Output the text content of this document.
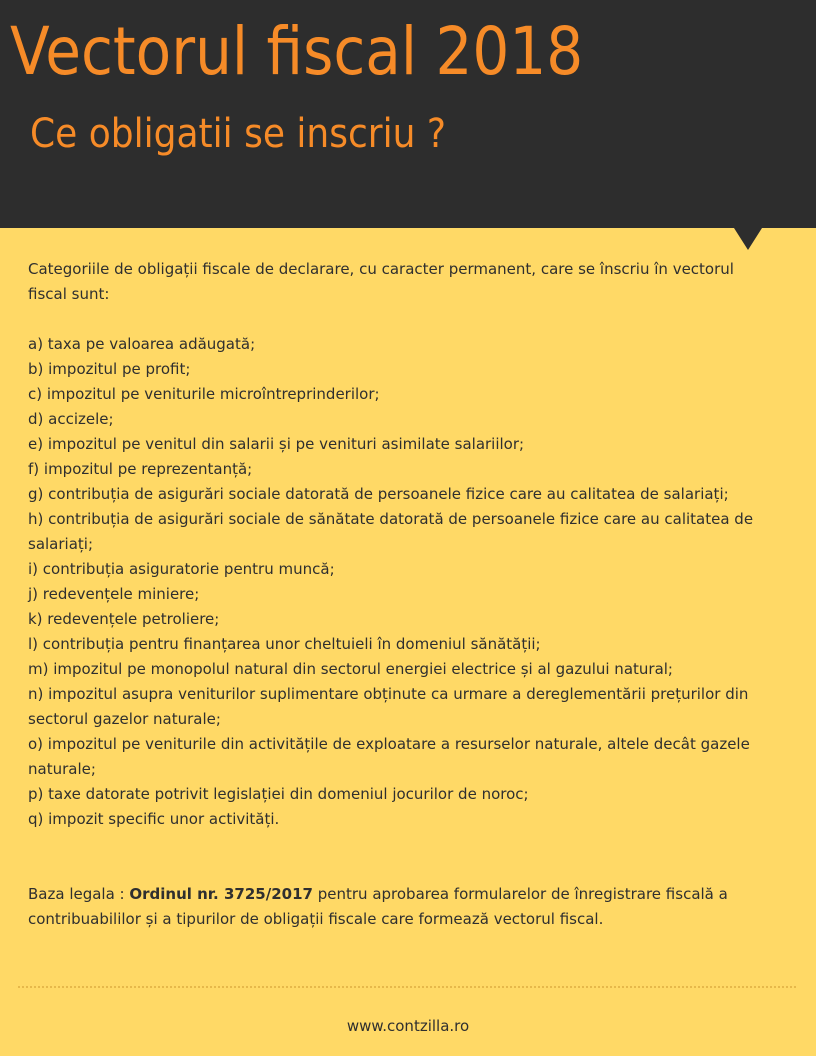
Vectorul fiscal 2018
Ce obligatii se inscriu ?

Categoriile de obligații fiscale de declarare, cu caracter permanent, care se înscriu în vectorul fiscal sunt:

a) taxa pe valoarea adăugată;
b) impozitul pe profit;
c) impozitul pe veniturile microîntreprinderilor;
d) accizele;
e) impozitul pe venitul din salarii și pe venituri asimilate salariilor;
f) impozitul pe reprezentanță;
g) contribuția de asigurări sociale datorată de persoanele fizice care au calitatea de salariați;
h) contribuția de asigurări sociale de sănătate datorată de persoanele fizice care au calitatea de salariați;
i) contribuția asiguratorie pentru muncă;
j) redevențele miniere;
k) redevențele petroliere;
l) contribuția pentru finanțarea unor cheltuieli în domeniul sănătății;
m) impozitul pe monopolul natural din sectorul energiei electrice și al gazului natural;
n) impozitul asupra veniturilor suplimentare obținute ca urmare a dereglementării prețurilor din sectorul gazelor naturale;
o) impozitul pe veniturile din activitățile de exploatare a resurselor naturale, altele decât gazele naturale;
p) taxe datorate potrivit legislației din domeniul jocurilor de noroc;
q) impozit specific unor activități.

Baza legala : Ordinul nr. 3725/2017 pentru aprobarea formularelor de înregistrare fiscală a contribuabililor și a tipurilor de obligații fiscale care formează vectorul fiscal.

www.contzilla.ro
